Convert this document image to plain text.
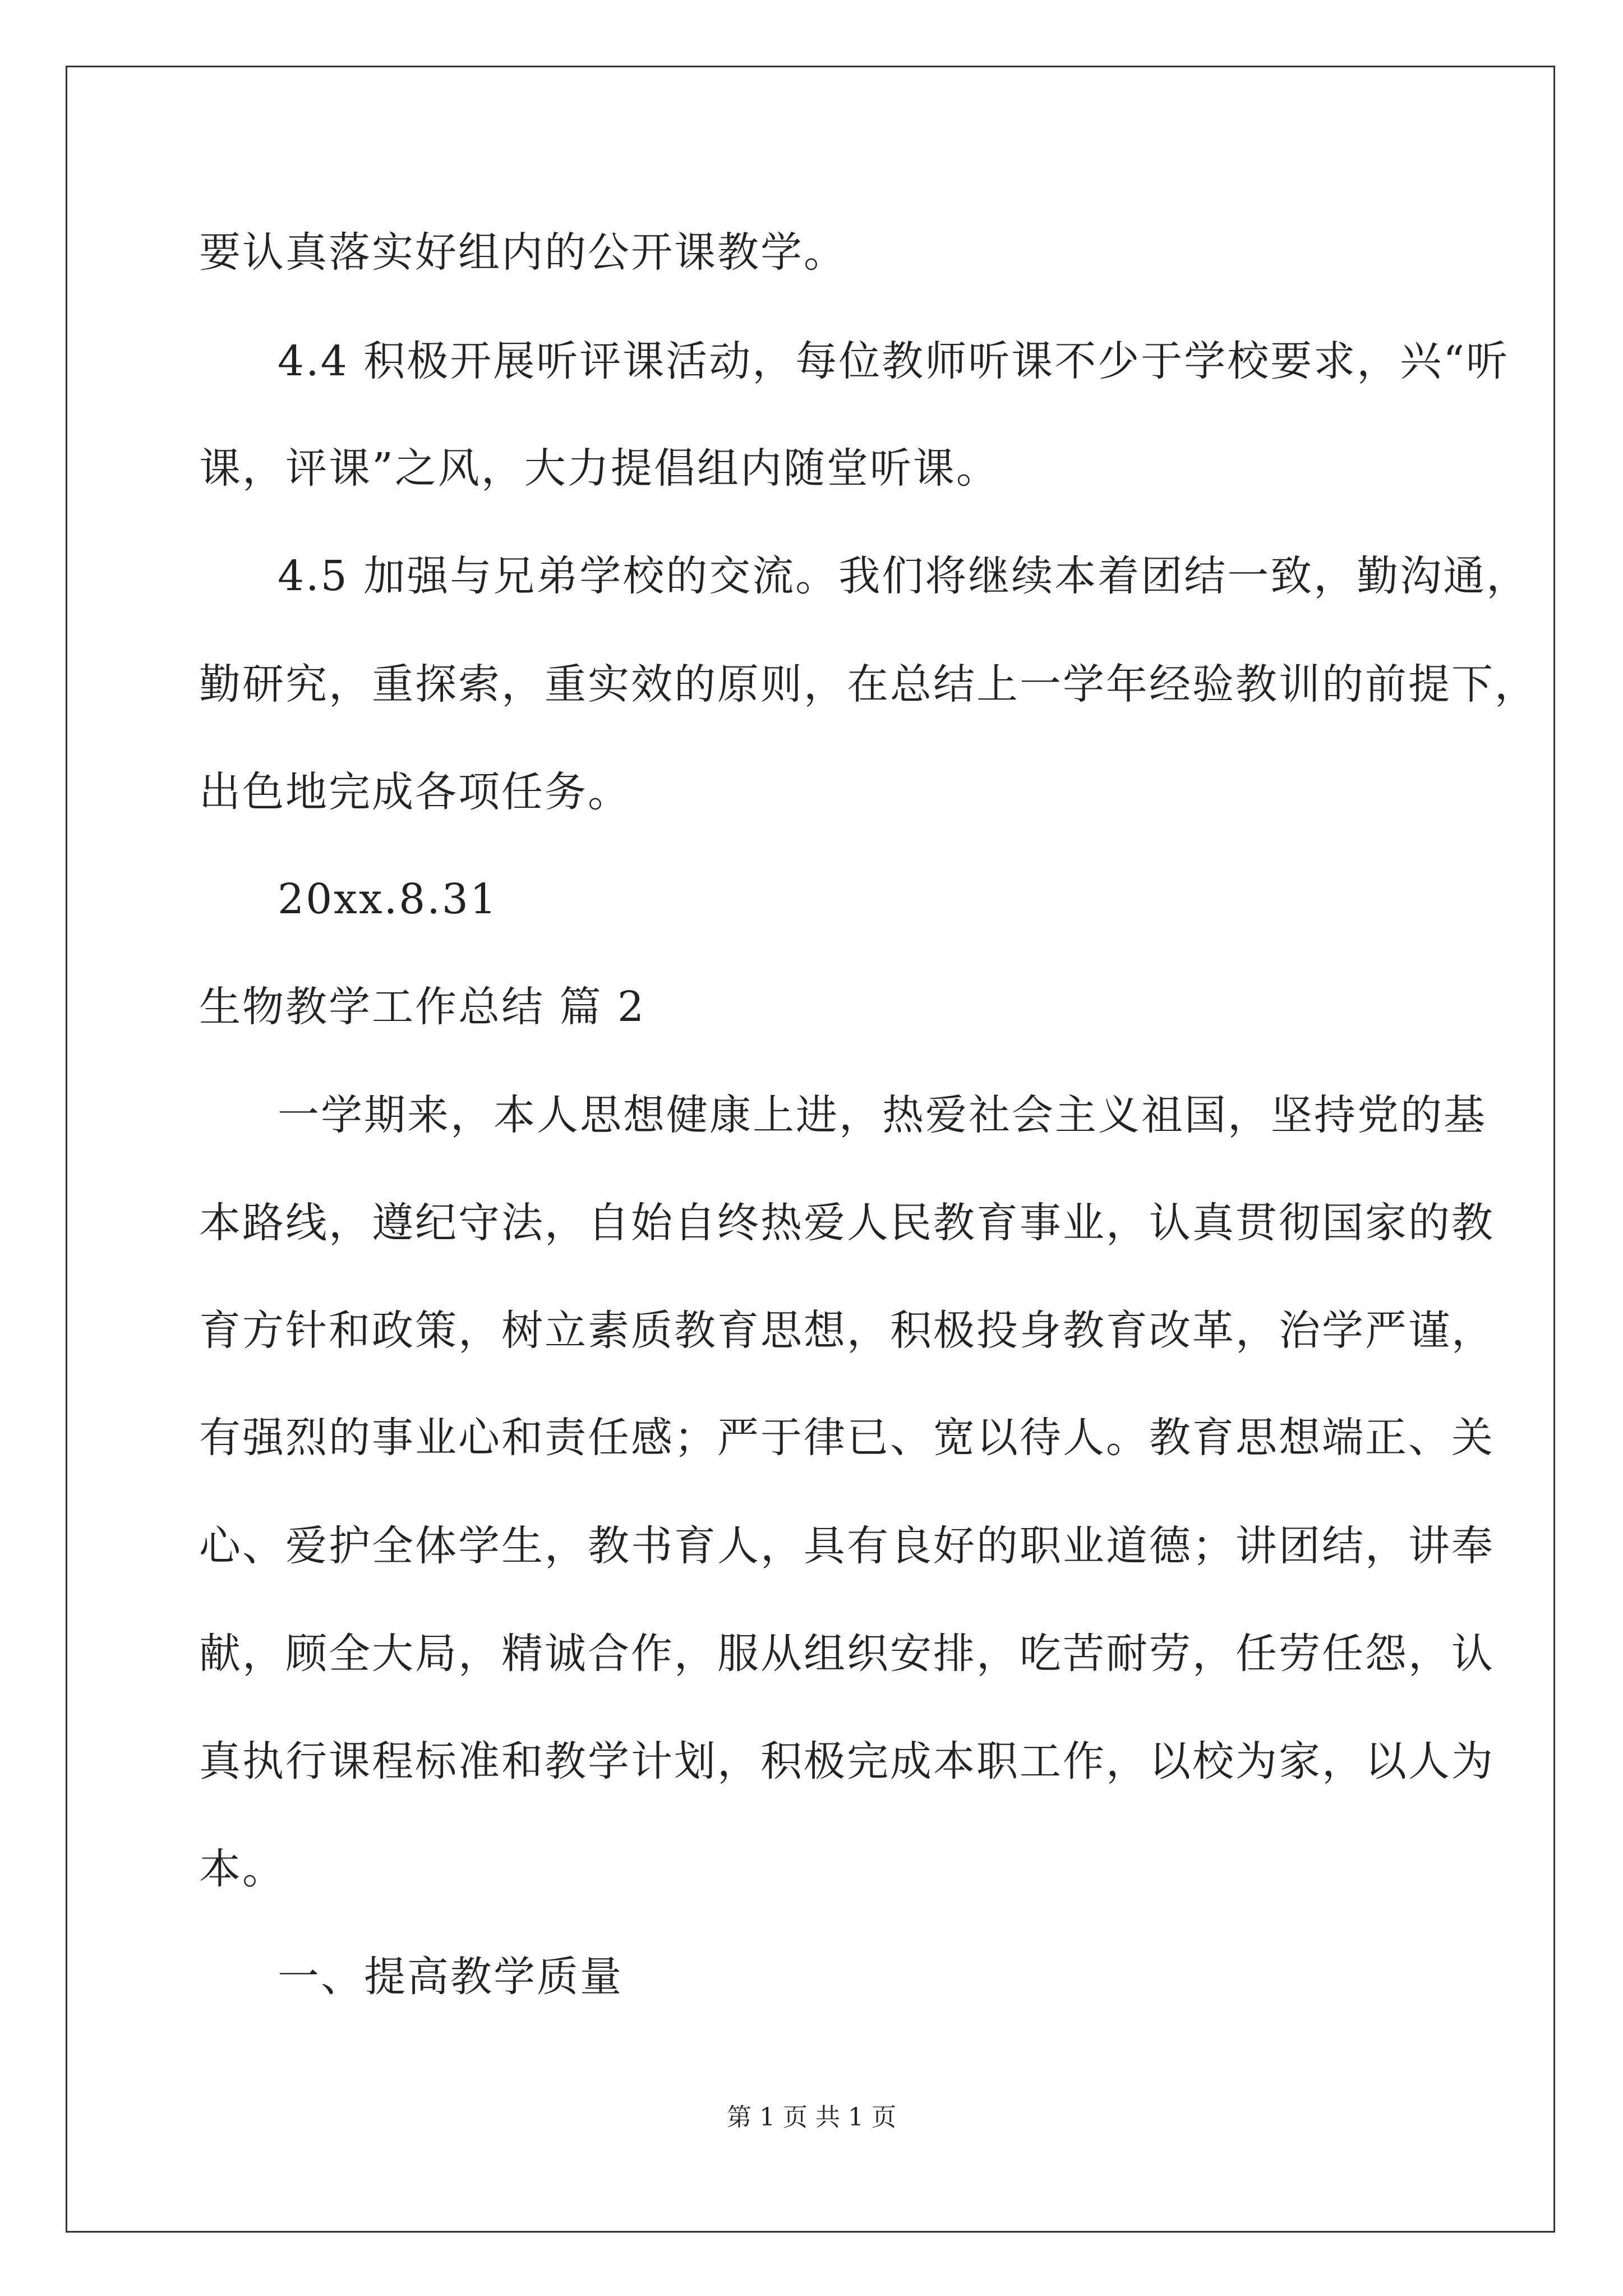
要认真落实好组内的公开课教学。
4.4 积极开展听评课活动，每位教师听课不少于学校要求，兴“听
课，评课”之风，大力提倡组内随堂听课。
4.5 加强与兄弟学校的交流。我们将继续本着团结一致，勤沟通，
勤研究，重探索，重实效的原则，在总结上一学年经验教训的前提下，
出色地完成各项任务。
20xx.8.31
生物教学工作总结 篇 2
一学期来，本人思想健康上进，热爱社会主义祖国，坚持党的基
本路线，遵纪守法，自始自终热爱人民教育事业，认真贯彻国家的教
育方针和政策，树立素质教育思想，积极投身教育改革，治学严谨，
有强烈的事业心和责任感；严于律已、宽以待人。教育思想端正、关
心、爱护全体学生，教书育人，具有良好的职业道德；讲团结，讲奉
献，顾全大局，精诚合作，服从组织安排，吃苦耐劳，任劳任怨，认
真执行课程标准和教学计划，积极完成本职工作，以校为家，以人为
本。
一、提高教学质量
第 1 页 共 1 页
